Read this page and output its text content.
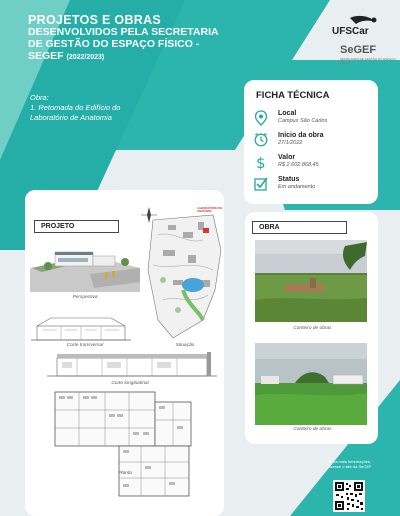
PROJETOS E OBRAS
DESENVOLVIDOS PELA SECRETARIA
DE GESTÃO DO ESPAÇO FÍSICO -
SEGEF (2022/2023)
UFSCar
SeGEF
SECRETARIA DE GESTÃO DO ESPAÇO FÍSICO
Obra:
1. Retomada do Edifício do
Laboratório de Anatomia
FICHA TÉCNICA
Local
Campus São Carlos
Início da obra
27/1/2022
$ Valor
R$ 2.602.868,45
Status
Em andamento
PROJETO
Perspectiva
LABORATÓRIO DE ANATOMIA
Situação
Corte transversal
Corte longitudinal
Planta
OBRA
Canteiro de obras
Canteiro de obras
Para mais informações,
acesse o site da SeGEF
